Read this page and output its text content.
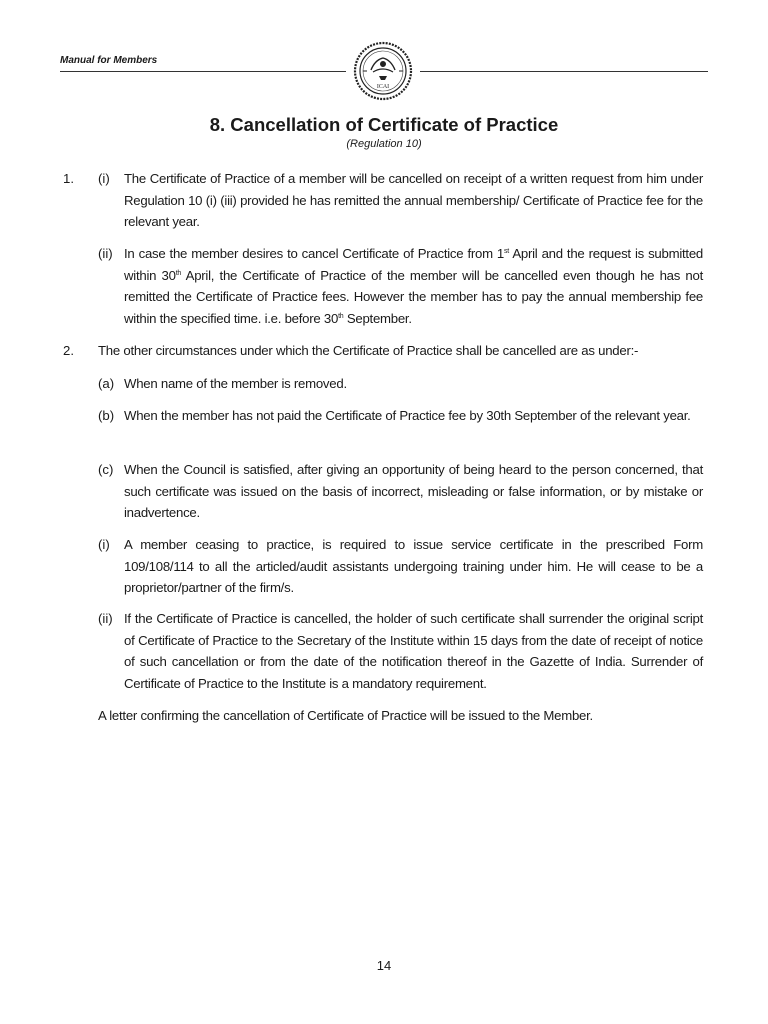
Manual for Members
ICAI
8. Cancellation of Certificate of Practice
(Regulation 10)
1. (i) The Certificate of Practice of a member will be cancelled on receipt of a written request from him under Regulation 10 (i) (iii) provided he has remitted the annual membership/ Certificate of Practice fee for the relevant year.
(ii) In case the member desires to cancel Certificate of Practice from 1st April and the request is submitted within 30th April, the Certificate of Practice of the member will be cancelled even though he has not remitted the Certificate of Practice fees. However the member has to pay the annual membership fee within the specified time. i.e. before 30th September.
2. The other circumstances under which the Certificate of Practice shall be cancelled are as under:-
(a) When name of the member is removed.
(b) When the member has not paid the Certificate of Practice fee by 30th September of the relevant year.
(c) When the Council is satisfied, after giving an opportunity of being heard to the person concerned, that such certificate was issued on the basis of incorrect, misleading or false information, or by mistake or inadvertence.
(i) A member ceasing to practice, is required to issue service certificate in the prescribed Form 109/108/114 to all the articled/audit assistants undergoing training under him. He will cease to be a proprietor/partner of the firm/s.
(ii) If the Certificate of Practice is cancelled, the holder of such certificate shall surrender the original script of Certificate of Practice to the Secretary of the Institute within 15 days from the date of receipt of notice of such cancellation or from the date of the notification thereof in the Gazette of India. Surrender of Certificate of Practice to the Institute is a mandatory requirement.
A letter confirming the cancellation of Certificate of Practice will be issued to the Member.
14
